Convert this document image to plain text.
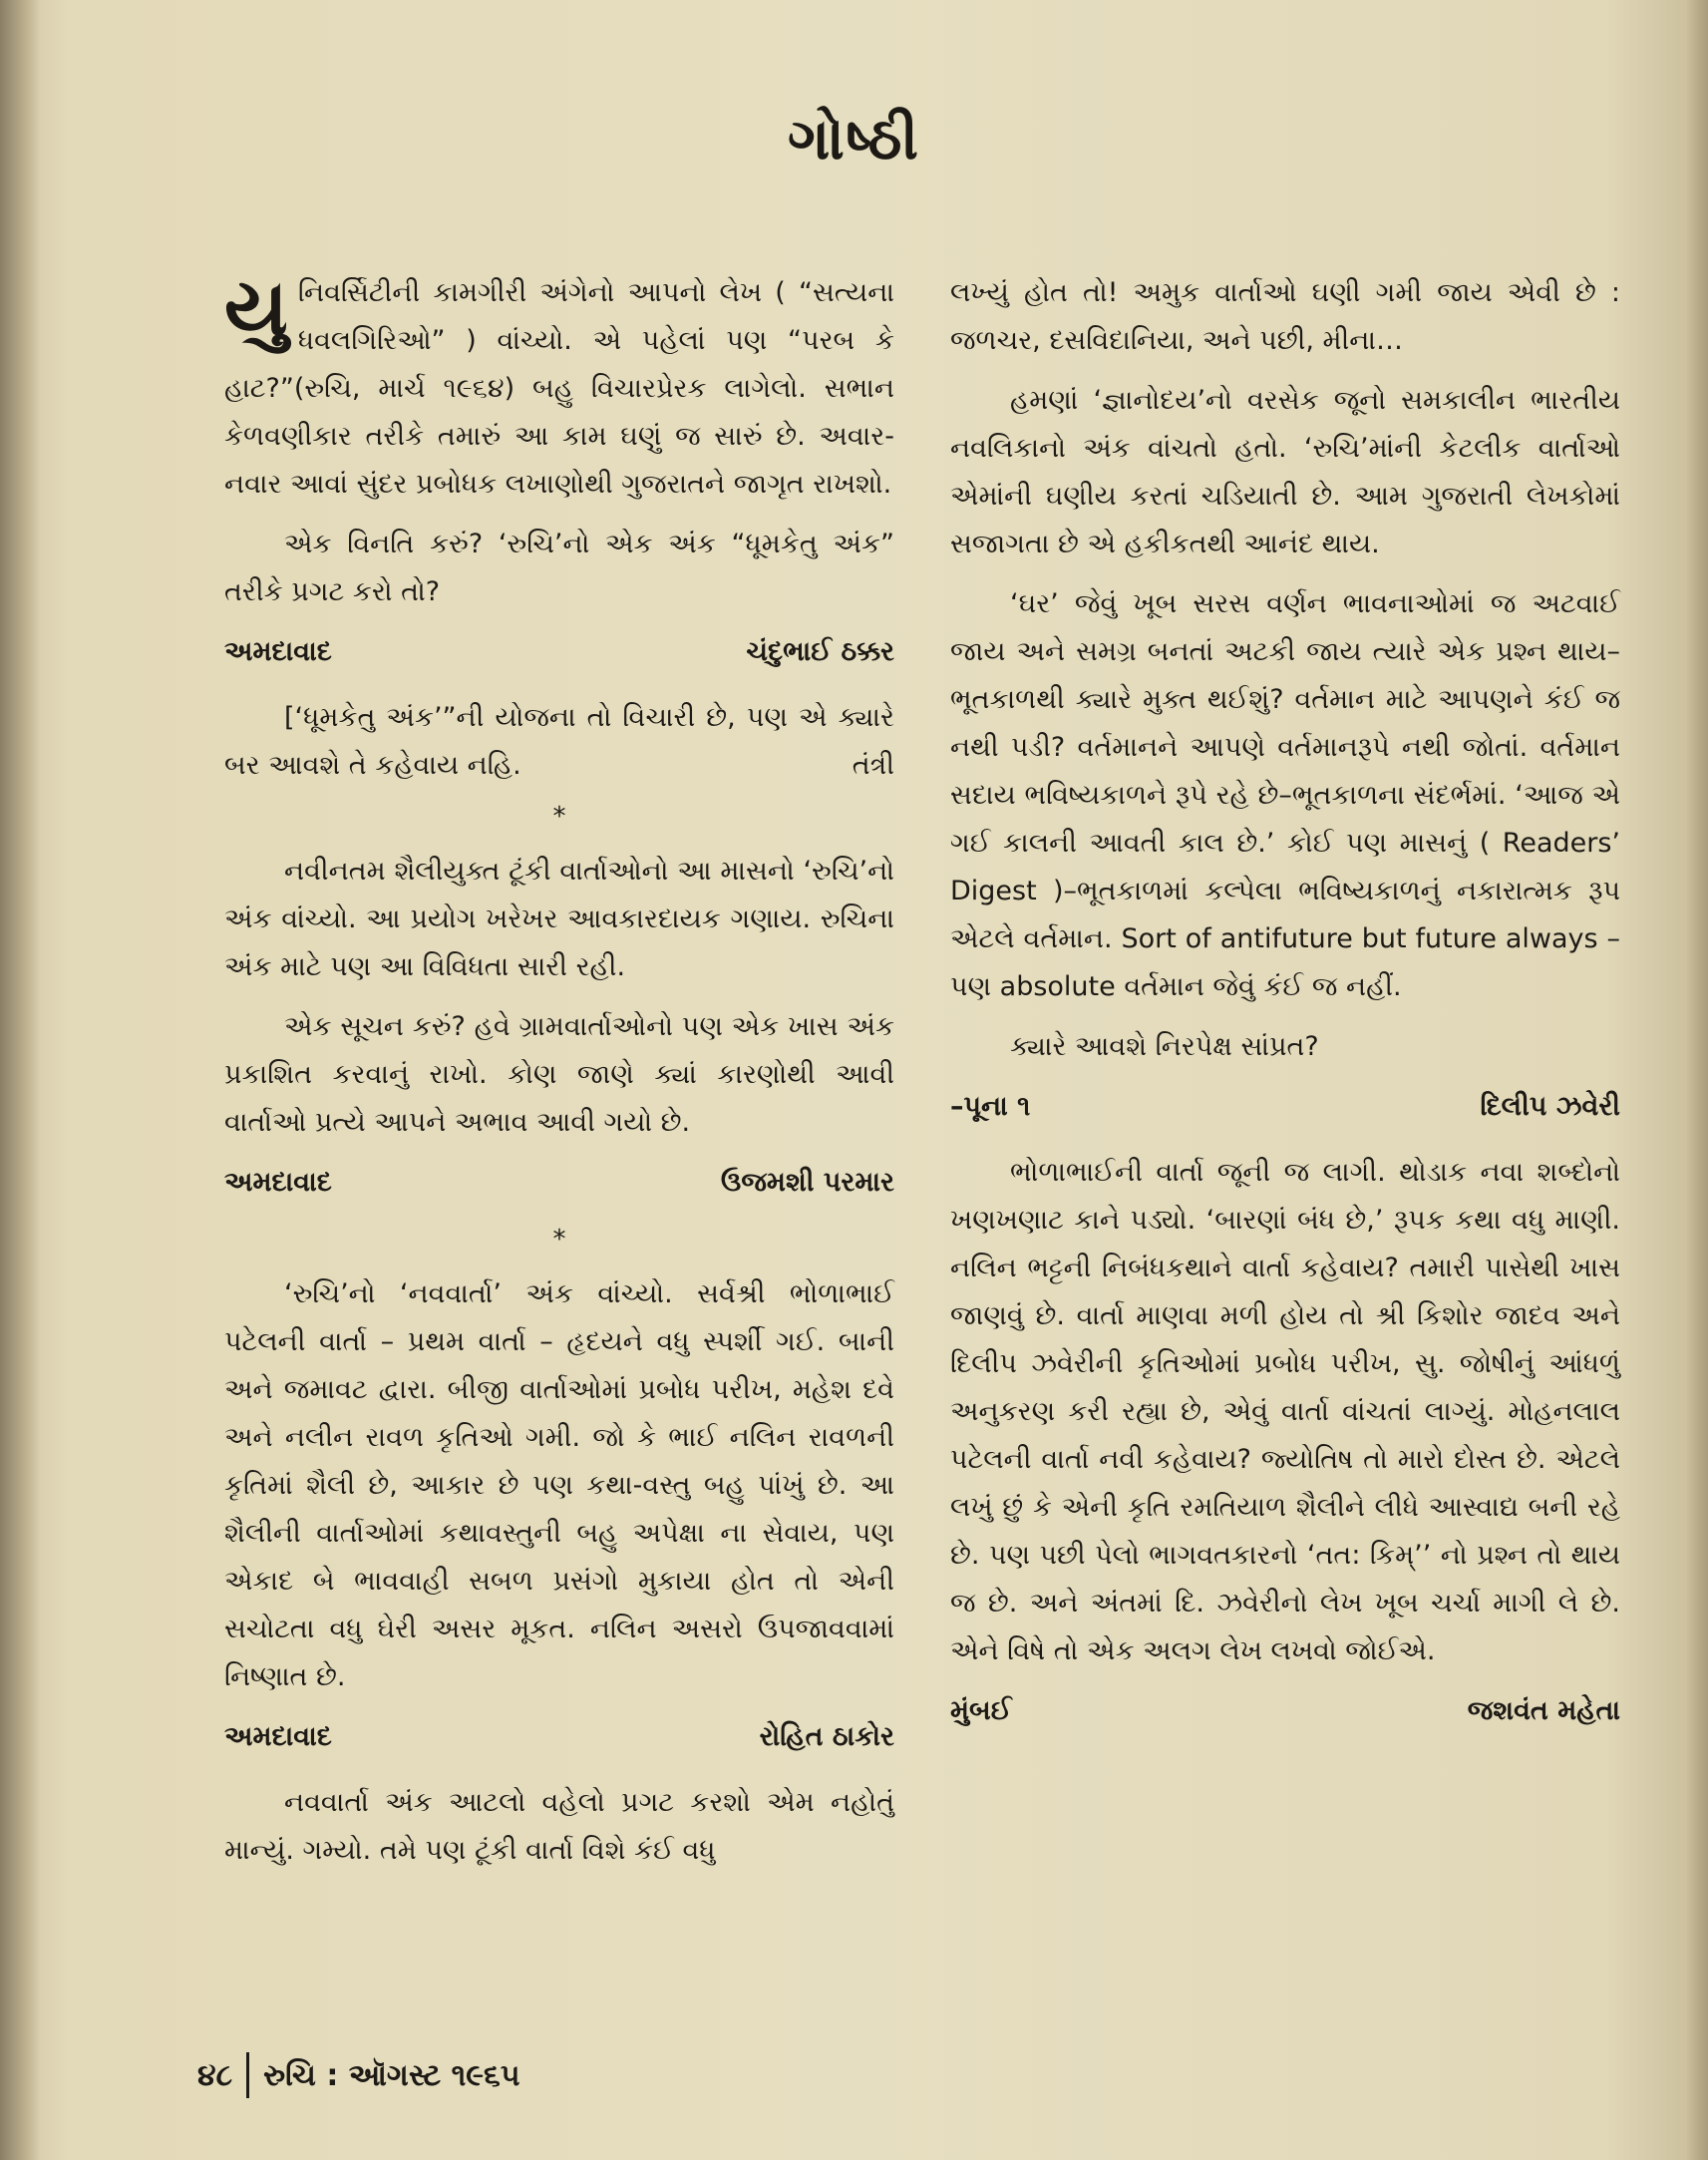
ગોષ્ઠી

યુનિવર્સિટીની કામગીરી અંગેનો આપનો લેખ ( “સત્યના ધવલગિરિઓ” ) વાંચ્યો. એ પહેલાં પણ “પરબ કે હાટ?”(રુચિ, માર્ચ ૧૯૬૪) બહુ વિચારપ્રેરક લાગેલો. સભાન કેળવણીકાર તરીકે તમારું આ કામ ઘણું જ સારું છે. અવાર-નવાર આવાં સુંદર પ્રબોધક લખાણોથી ગુજરાતને જાગૃત રાખશો.

એક વિનતિ કરું? ‘રુચિ’નો એક અંક “ધૂમકેતુ અંક” તરીકે પ્રગટ કરો તો?

અમદાવાદ	ચંદુભાઈ ઠક્કર

[‘ધૂમકેતુ અંક’”ની યોજના તો વિચારી છે, પણ એ ક્યારે બર આવશે તે કહેવાય નહિ.	તંત્રી

*

નવીનતમ શૈલીયુક્ત ટૂંકી વાર્તાઓનો આ માસનો ‘રુચિ’નો અંક વાંચ્યો. આ પ્રયોગ ખરેખર આવકારદાયક ગણાય. રુચિના અંક માટે પણ આ વિવિધતા સારી રહી.

એક સૂચન કરું? હવે ગ્રામવાર્તાઓનો પણ એક ખાસ અંક પ્રકાશિત કરવાનું રાખો. કોણ જાણે ક્યાં કારણોથી આવી વાર્તાઓ પ્રત્યે આપને અભાવ આવી ગયો છે.

અમદાવાદ	ઉજમશી પરમાર
*

‘રુચિ’નો ‘નવવાર્તા’ અંક વાંચ્યો. સર્વશ્રી ભોળાભાઈ પટેલની વાર્તા – પ્રથમ વાર્તા – હૃદયને વધુ સ્પર્શી ગઈ. બાની અને જમાવટ દ્વારા. બીજી વાર્તાઓમાં પ્રબોધ પરીખ, મહેશ દવે અને નલીન રાવળ કૃતિઓ ગમી. જો કે ભાઈ નલિન રાવળની કૃતિમાં શૈલી છે, આકાર છે પણ કથા-વસ્તુ બહુ પાંખું છે. આ શૈલીની વાર્તાઓમાં કથાવસ્તુની બહુ અપેક્ષા ના સેવાય, પણ એકાદ બે ભાવવાહી સબળ પ્રસંગો મુકાયા હોત તો એની સચોટતા વધુ ઘેરી અસર મૂકત. નલિન અસરો ઉપજાવવામાં નિષ્ણાત છે.

અમદાવાદ	રોહિત ઠાકોર

નવવાર્તા અંક આટલો વહેલો પ્રગટ કરશો એમ નહોતું માન્યું. ગમ્યો. તમે પણ ટૂંકી વાર્તા વિશે કંઈ વધુ

લખ્યું હોત તો! અમુક વાર્તાઓ ઘણી ગમી જાય એવી છે : જળચર, દસવિદાનિયા, અને પછી, મીના…

હમણાં ‘જ્ઞાનોદય’નો વરસેક જૂનો સમકાલીન ભારતીય નવલિકાનો અંક વાંચતો હતો. ‘રુચિ’માંની કેટલીક વાર્તાઓ એમાંની ઘણીય કરતાં ચડિયાતી છે. આમ ગુજરાતી લેખકોમાં સજાગતા છે એ હકીકતથી આનંદ થાય.

‘ઘર’ જેવું ખૂબ સરસ વર્ણન ભાવનાઓમાં જ અટવાઈ જાય અને સમગ્ર બનતાં અટકી જાય ત્યારે એક પ્રશ્ન થાય–ભૂતકાળથી ક્યારે મુક્ત થઈશું? વર્તમાન માટે આપણને કંઈ જ નથી પડી? વર્તમાનને આપણે વર્તમાનરૂપે નથી જોતાં. વર્તમાન સદાય ભવિષ્યકાળને રૂપે રહે છે–ભૂતકાળના સંદર્ભમાં. ‘આજ એ ગઈ કાલની આવતી કાલ છે.’ કોઈ પણ માસનું ( Readers’ Digest )–ભૂતકાળમાં કલ્પેલા ભવિષ્યકાળનું નકારાત્મક રૂપ એટલે વર્તમાન. Sort of antifuture but future always – પણ absolute વર્તમાન જેવું કંઈ જ નહીં.

ક્યારે આવશે નિરપેક્ષ સાંપ્રત?

–પૂના ૧	દિલીપ ઝવેરી

ભોળાભાઈની વાર્તા જૂની જ લાગી. થોડાક નવા શબ્દોનો ખણખણાટ કાને પડ્યો. ‘બારણાં બંધ છે,’ રૂપક કથા વધુ માણી. નલિન ભટ્ટની નિબંધકથાને વાર્તા કહેવાય? તમારી પાસેથી ખાસ જાણવું છે. વાર્તા માણવા મળી હોય તો શ્રી કિશોર જાદવ અને દિલીપ ઝવેરીની કૃતિઓમાં પ્રબોધ પરીખ, સુ. જોષીનું આંધળું અનુકરણ કરી રહ્યા છે, એવું વાર્તા વાંચતાં લાગ્યું. મોહનલાલ પટેલની વાર્તા નવી કહેવાય? જ્યોતિષ તો મારો દોસ્ત છે. એટલે લખું છું કે એની કૃતિ રમતિયાળ શૈલીને લીધે આસ્વાદ્ય બની રહે છે. પણ પછી પેલો ભાગવતકારનો ‘તત: કિમ્’’ નો પ્રશ્ન તો થાય જ છે. અને અંતમાં દિ. ઝવેરીનો લેખ ખૂબ ચર્ચા માગી લે છે. એને વિષે તો એક અલગ લેખ લખવો જોઈએ.

મુંબઈ	જશવંત મહેતા
૪૮ રુચિ : ઑગસ્ટ ૧૯૬૫
